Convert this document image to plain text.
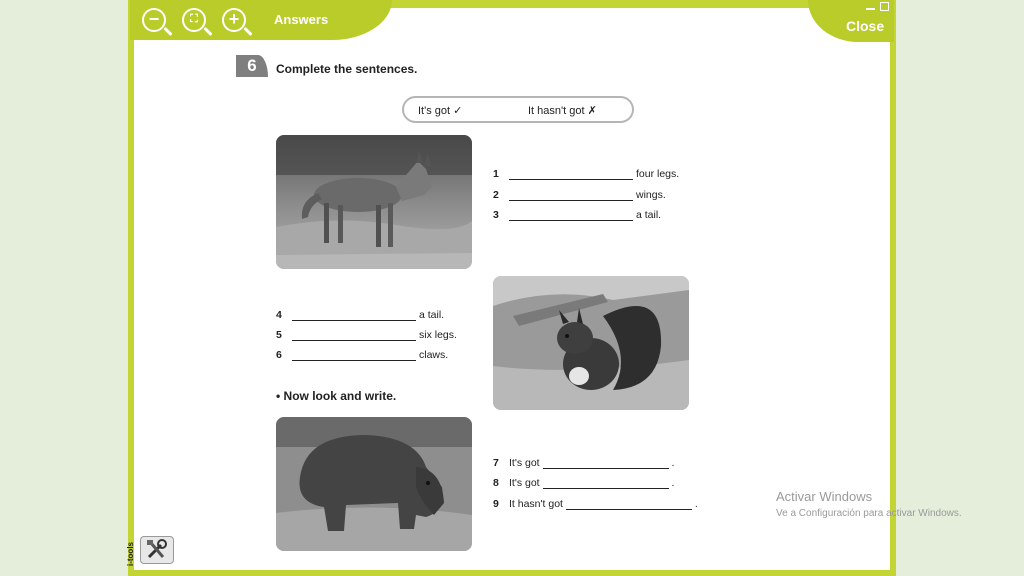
−	⛶	+	Answers	Close
6	Complete the sentences.
It's got ✓	It hasn't got ✗
1	four legs.
2	wings.
3	a tail.
4	a tail.
5	six legs.
6	claws.
• Now look and write.
7 It's got	.
8 It's got	.
9 It hasn't got	.	Activar Windows
Ve a Configuración para activar Windows.
i-tools
